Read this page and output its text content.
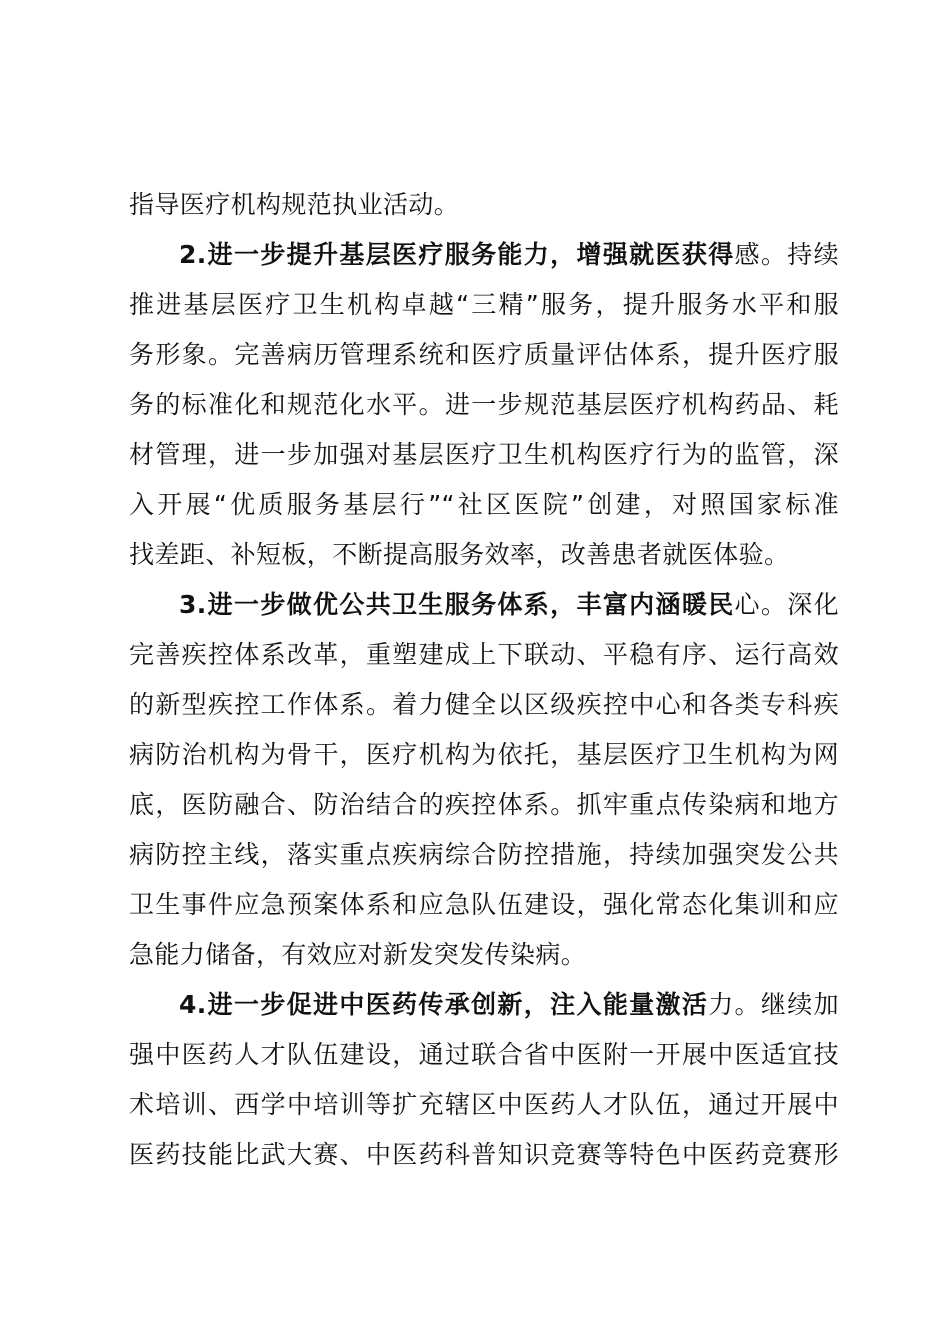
指导医疗机构规范执业活动。
2.进一步提升基层医疗服务能力，增强就医获得感。持续
推进基层医疗卫生机构卓越“三精”服务，提升服务水平和服
务形象。完善病历管理系统和医疗质量评估体系，提升医疗服
务的标准化和规范化水平。进一步规范基层医疗机构药品、耗
材管理，进一步加强对基层医疗卫生机构医疗行为的监管，深
入开展“优质服务基层行”“社区医院”创建，对照国家标准
找差距、补短板，不断提高服务效率，改善患者就医体验。
3.进一步做优公共卫生服务体系，丰富内涵暖民心。深化
完善疾控体系改革，重塑建成上下联动、平稳有序、运行高效
的新型疾控工作体系。着力健全以区级疾控中心和各类专科疾
病防治机构为骨干，医疗机构为依托，基层医疗卫生机构为网
底，医防融合、防治结合的疾控体系。抓牢重点传染病和地方
病防控主线，落实重点疾病综合防控措施，持续加强突发公共
卫生事件应急预案体系和应急队伍建设，强化常态化集训和应
急能力储备，有效应对新发突发传染病。
4.进一步促进中医药传承创新，注入能量激活力。继续加
强中医药人才队伍建设，通过联合省中医附一开展中医适宜技
术培训、西学中培训等扩充辖区中医药人才队伍，通过开展中
医药技能比武大赛、中医药科普知识竞赛等特色中医药竞赛形
